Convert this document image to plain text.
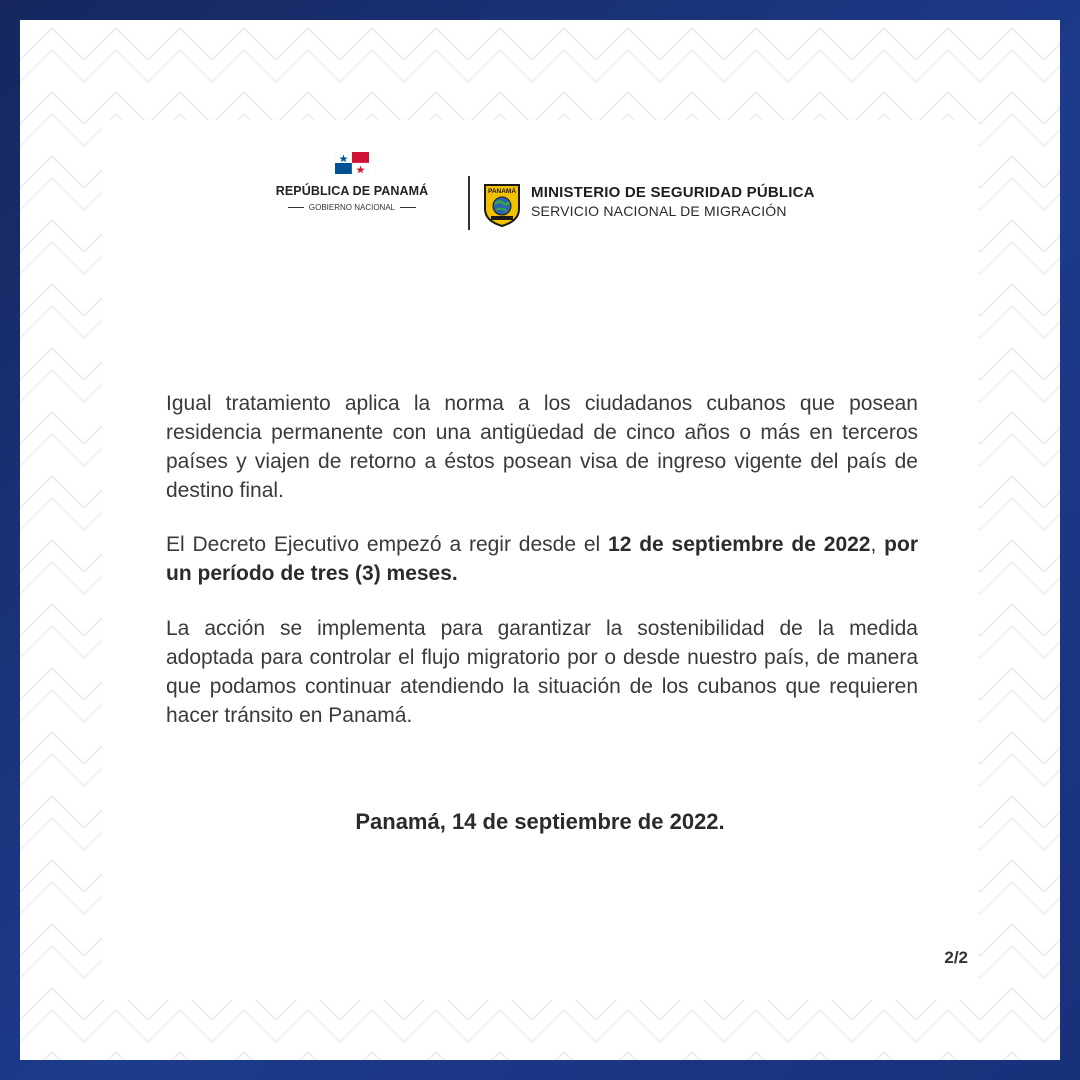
REPÚBLICA DE PANAMÁ
GOBIERNO NACIONAL
PANAMÁ MINISTERIO DE SEGURIDAD PÚBLICA
SERVICIO NACIONAL DE MIGRACIÓN

Igual tratamiento aplica la norma a los ciudadanos cubanos que posean residencia permanente con una antigüedad de cinco años o más en terceros países y viajen de retorno a éstos posean visa de ingreso vigente del país de destino final.

El Decreto Ejecutivo empezó a regir desde el 12 de septiembre de 2022, por un período de tres (3) meses.

La acción se implementa para garantizar la sostenibilidad de la medida adoptada para controlar el flujo migratorio por o desde nuestro país, de manera que podamos continuar atendiendo la situación de los cubanos que requieren hacer tránsito en Panamá.

Panamá, 14 de septiembre de 2022.
2/2
